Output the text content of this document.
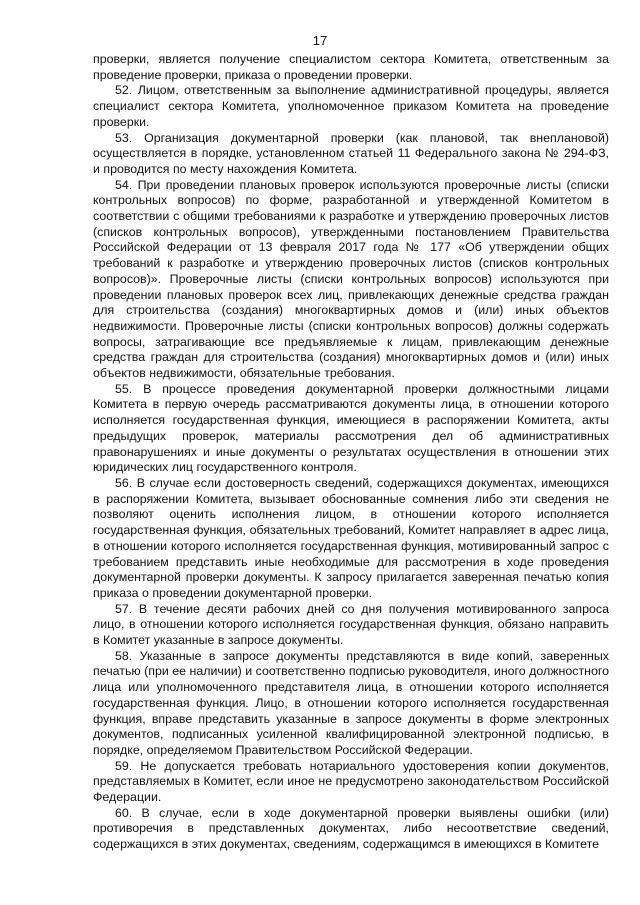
17

проверки, является получение специалистом сектора Комитета, ответственным за проведение проверки, приказа о проведении проверки.

52. Лицом, ответственным за выполнение административной процедуры, является специалист сектора Комитета, уполномоченное приказом Комитета на проведение проверки.

53. Организация документарной проверки (как плановой, так внеплановой) осуществляется в порядке, установленном статьей 11 Федерального закона № 294-ФЗ, и проводится по месту нахождения Комитета.

54. При проведении плановых проверок используются проверочные листы (списки контрольных вопросов) по форме, разработанной и утвержденной Комитетом в соответствии с общими требованиями к разработке и утверждению проверочных листов (списков контрольных вопросов), утвержденными постановлением Правительства Российской Федерации от 13 февраля 2017 года № 177 «Об утверждении общих требований к разработке и утверждению проверочных листов (списков контрольных вопросов)». Проверочные листы (списки контрольных вопросов) используются при проведении плановых проверок всех лиц, привлекающих денежные средства граждан для строительства (создания) многоквартирных домов и (или) иных объектов недвижимости. Проверочные листы (списки контрольных вопросов) должны содержать вопросы, затрагивающие все предъявляемые к лицам, привлекающим денежные средства граждан для строительства (создания) многоквартирных домов и (или) иных объектов недвижимости, обязательные требования.

55. В процессе проведения документарной проверки должностными лицами Комитета в первую очередь рассматриваются документы лица, в отношении которого исполняется государственная функция, имеющиеся в распоряжении Комитета, акты предыдущих проверок, материалы рассмотрения дел об административных правонарушениях и иные документы о результатах осуществления в отношении этих юридических лиц государственного контроля.

56. В случае если достоверность сведений, содержащихся документах, имеющихся в распоряжении Комитета, вызывает обоснованные сомнения либо эти сведения не позволяют оценить исполнения лицом, в отношении которого исполняется государственная функция, обязательных требований, Комитет направляет в адрес лица, в отношении которого исполняется государственная функция, мотивированный запрос с требованием представить иные необходимые для рассмотрения в ходе проведения документарной проверки документы. К запросу прилагается заверенная печатью копия приказа о проведении документарной проверки.

57. В течение десяти рабочих дней со дня получения мотивированного запроса лицо, в отношении которого исполняется государственная функция, обязано направить в Комитет указанные в запросе документы.

58. Указанные в запросе документы представляются в виде копий, заверенных печатью (при ее наличии) и соответственно подписью руководителя, иного должностного лица или уполномоченного представителя лица, в отношении которого исполняется государственная функция. Лицо, в отношении которого исполняется государственная функция, вправе представить указанные в запросе документы в форме электронных документов, подписанных усиленной квалифицированной электронной подписью, в порядке, определяемом Правительством Российской Федерации.

59. Не допускается требовать нотариального удостоверения копии документов, представляемых в Комитет, если иное не предусмотрено законодательством Российской Федерации.

60. В случае, если в ходе документарной проверки выявлены ошибки (или) противоречия в представленных документах, либо несоответствие сведений, содержащихся в этих документах, сведениям, содержащимся в имеющихся в Комитете
